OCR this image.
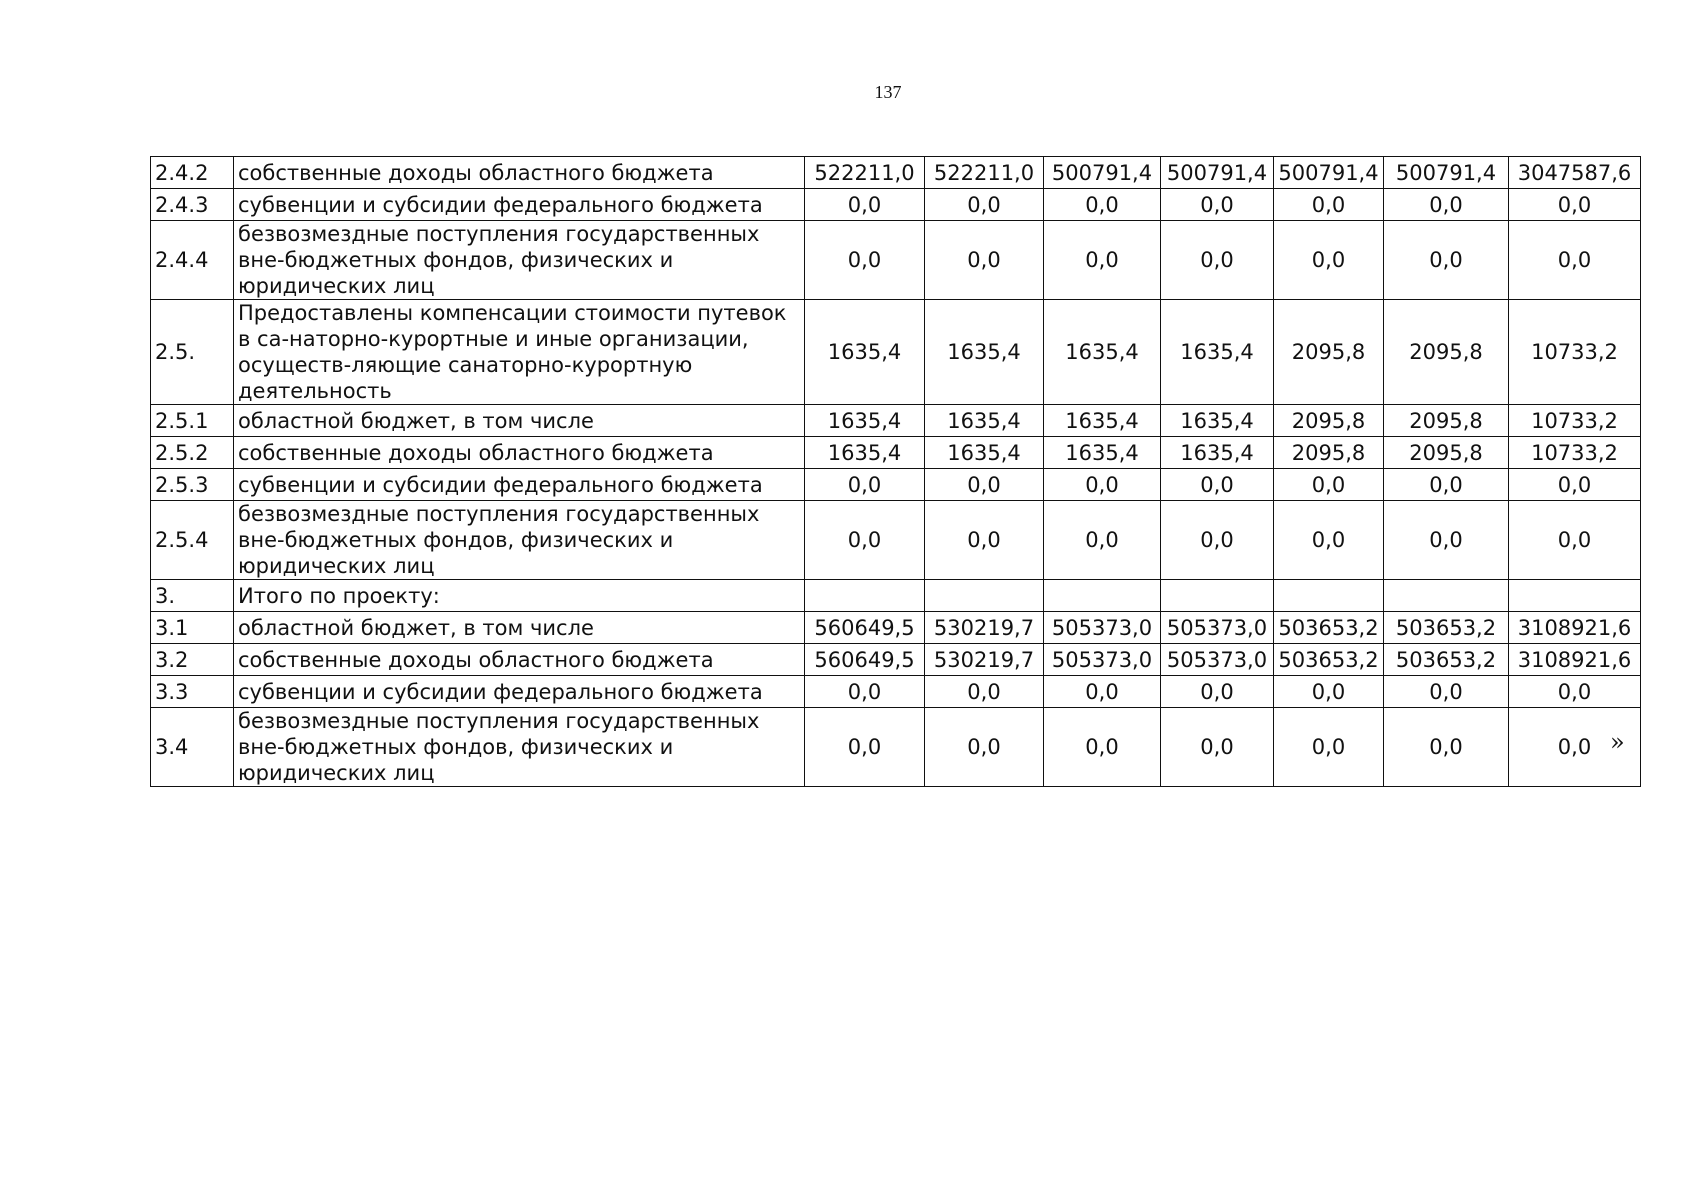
137
2.4.2	собственные доходы областного бюджета	522211,0	522211,0	500791,4	500791,4	500791,4	500791,4	3047587,6
2.4.3	субвенции и субсидии федерального бюджета	0,0	0,0	0,0	0,0	0,0	0,0	0,0
2.4.4	безвозмездные поступления государственных вне-бюджетных фондов, физических и юридических лиц	0,0	0,0	0,0	0,0	0,0	0,0	0,0
2.5.	Предоставлены компенсации стоимости путевок в са-наторно-курортные и иные организации, осуществ-ляющие санаторно-курортную деятельность	1635,4	1635,4	1635,4	1635,4	2095,8	2095,8	10733,2
2.5.1	областной бюджет, в том числе	1635,4	1635,4	1635,4	1635,4	2095,8	2095,8	10733,2
2.5.2	собственные доходы областного бюджета	1635,4	1635,4	1635,4	1635,4	2095,8	2095,8	10733,2
2.5.3	субвенции и субсидии федерального бюджета	0,0	0,0	0,0	0,0	0,0	0,0	0,0
2.5.4	безвозмездные поступления государственных вне-бюджетных фондов, физических и юридических лиц	0,0	0,0	0,0	0,0	0,0	0,0	0,0
3.	Итого по проекту:							
3.1	областной бюджет, в том числе	560649,5	530219,7	505373,0	505373,0	503653,2	503653,2	3108921,6
3.2	собственные доходы областного бюджета	560649,5	530219,7	505373,0	505373,0	503653,2	503653,2	3108921,6
3.3	субвенции и субсидии федерального бюджета	0,0	0,0	0,0	0,0	0,0	0,0	0,0
3.4	безвозмездные поступления государственных вне-бюджетных фондов, физических и юридических лиц	0,0	0,0	0,0	0,0	0,0	0,0	0,0 »
